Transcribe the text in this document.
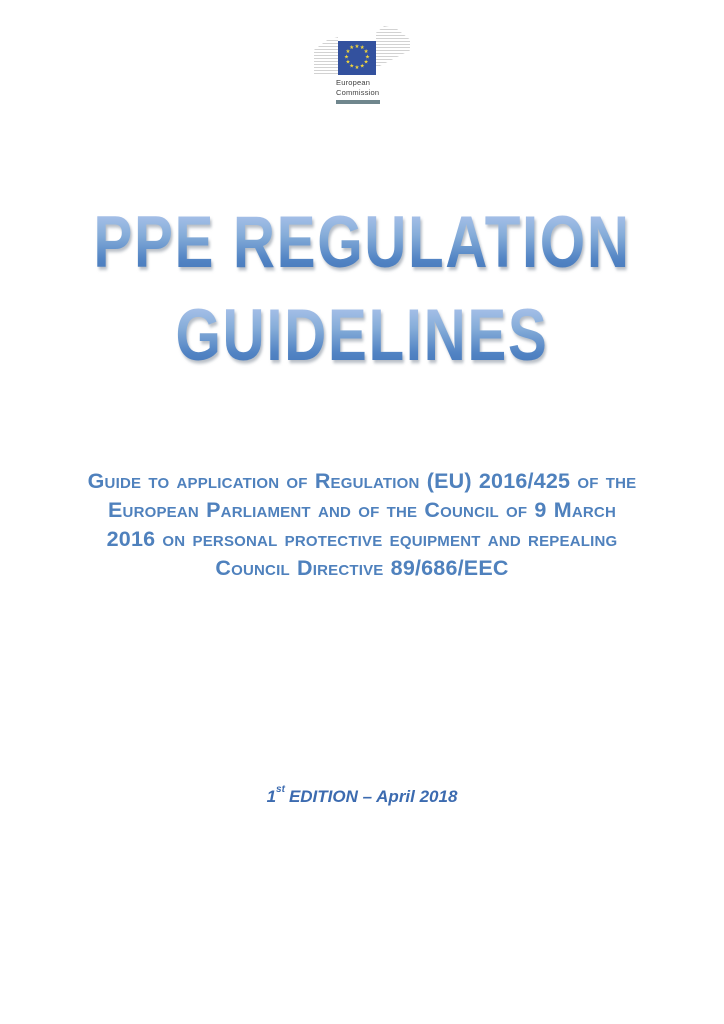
★ ★
★
★
★
★
★
★
★
★
★
★
European
Commission
PPE REGULATION
GUIDELINES

Guide to application of Regulation (EU) 2016/425 of the
European Parliament and of the Council of 9 March
2016 on personal protective equipment and repealing
Council Directive 89/686/EEC

1st EDITION – April 2018
